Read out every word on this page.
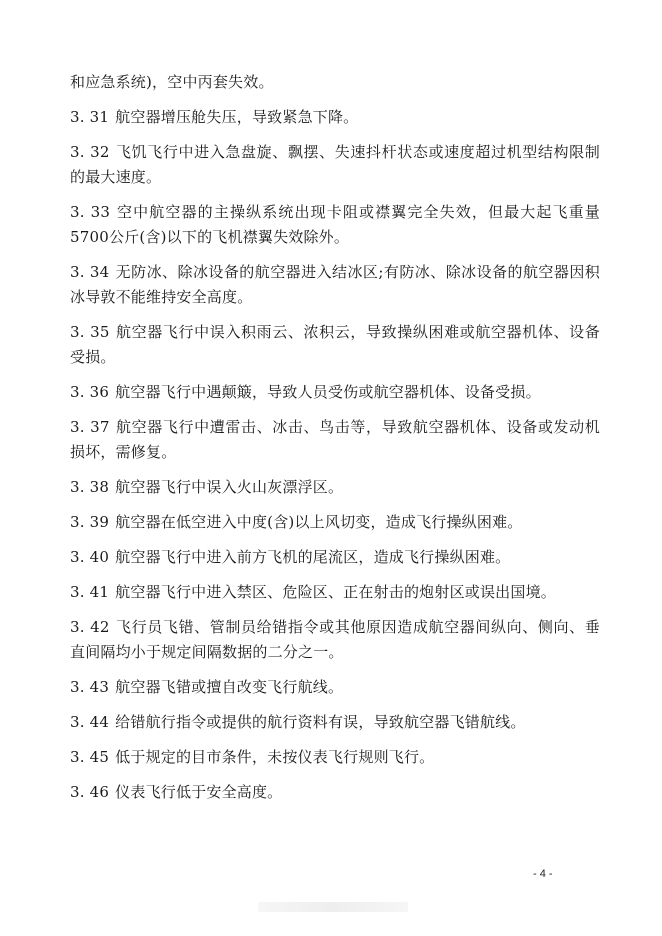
和应急系统)，空中丙套失效。

3. 31 航空器增压舱失压，导致紧急下降。

3. 32 飞饥飞行中进入急盘旋、飘摆、失速抖杆状态或速度超过机型结构限制的最大速度。

3. 33 空中航空器的主操纵系统出现卡阻或襟翼完全失效，但最大起飞重量5700公斤(含)以下的飞机襟翼失效除外。

3. 34 无防冰、除冰设备的航空器进入结冰区;有防冰、除冰设备的航空器因积冰导敦不能维持安全高度。

3. 35 航空器飞行中误入积雨云、浓积云，导致操纵困难或航空器机体、设备受损。

3. 36 航空器飞行中遇颠簸，导致人员受伤或航空器机体、设备受损。

3. 37 航空器飞行中遭雷击、冰击、鸟击等，导致航空器机体、设备或发动机损坏，需修复。

3. 38 航空器飞行中误入火山灰漂浮区。

3. 39 航空器在低空进入中度(含)以上风切变，造成飞行操纵困难。

3. 40 航空器飞行中进入前方飞机的尾流区，造成飞行操纵困难。

3. 41 航空器飞行中进入禁区、危险区、正在射击的炮射区或误出国境。

3. 42 飞行员飞错、管制员给错指令或其他原因造成航空器间纵向、侧向、垂直间隔均小于规定间隔数据的二分之一。

3. 43 航空器飞错或擅自改变飞行航线。

3. 44 给错航行指令或提供的航行资料有误，导致航空器飞错航线。

3. 45 低于规定的目市条件，未按仪表飞行规则飞行。

3. 46 仪表飞行低于安全高度。

- 4 -
